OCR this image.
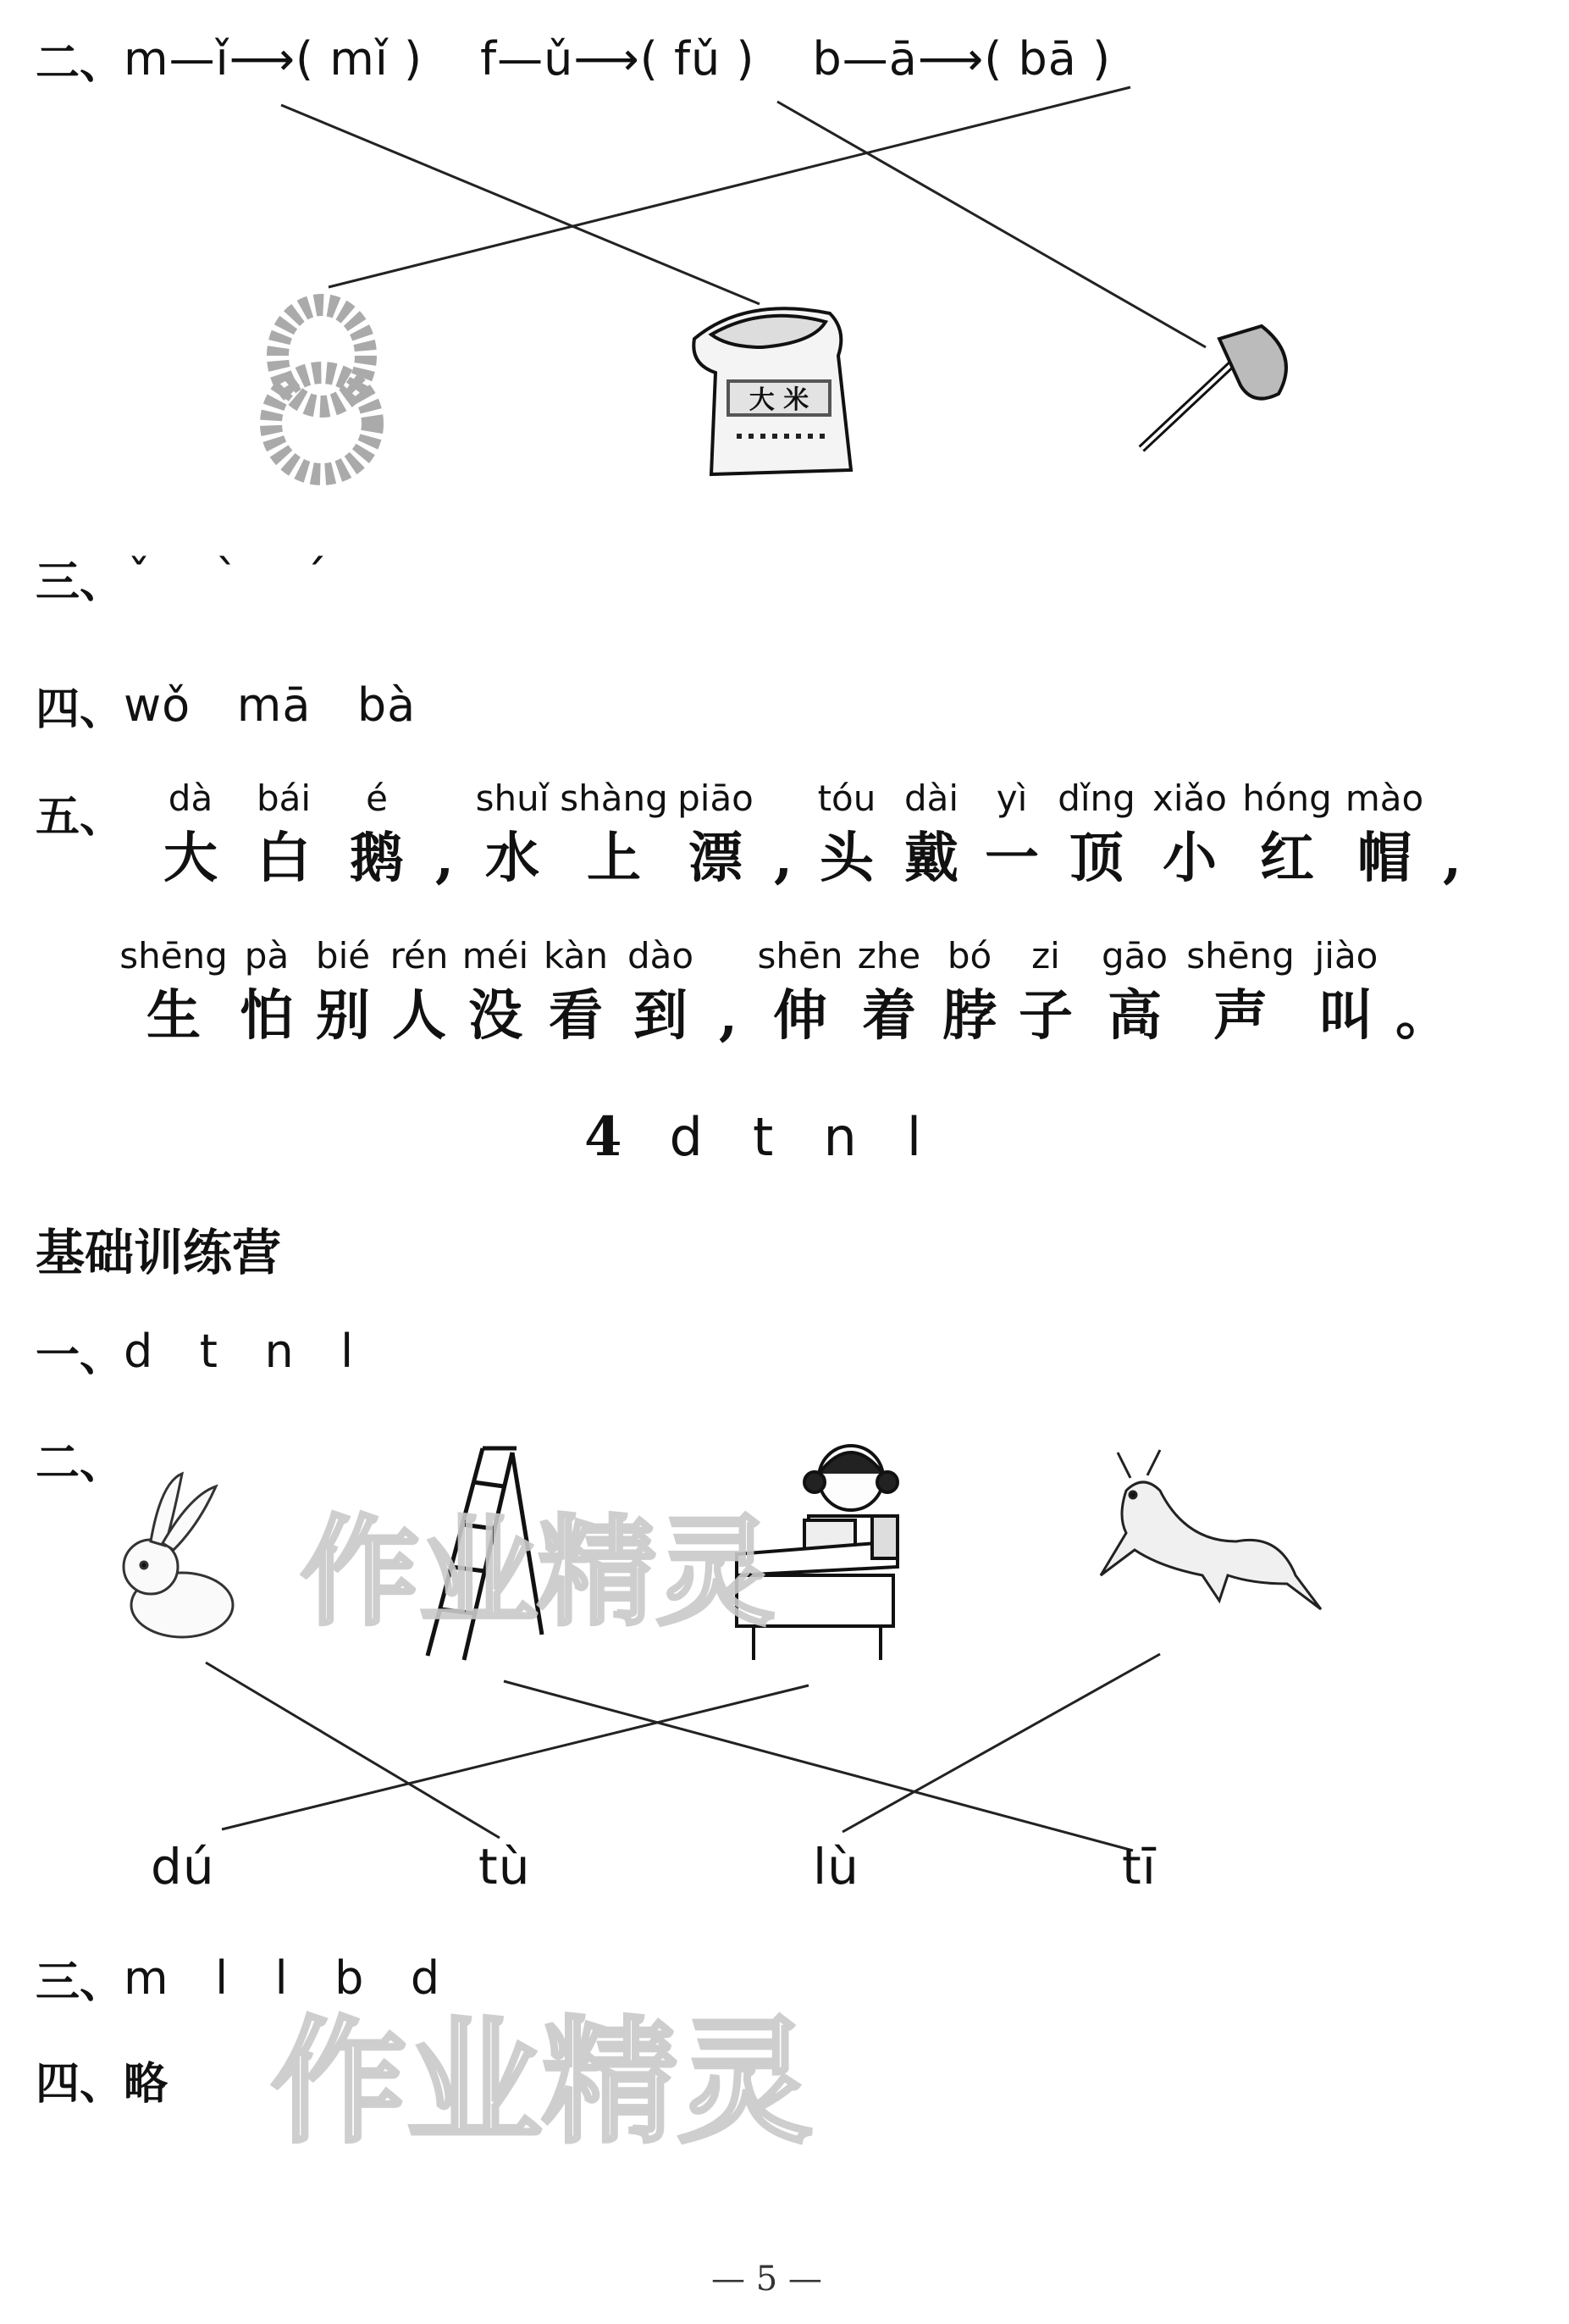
二、 m—ǐ⟶( mǐ ) f—ǔ⟶( fǔ ) b—ā⟶( bā )
大 米
三、 ˇ    ˋ    ˊ
四、 wǒ   mā   bà
五、 dà
大
bái
白
é
鹅 ,
shuǐ
水
shàng
上
piāo
漂 ,
tóu
头
dài
戴
yì
一
dǐng
顶
xiǎo
小
hóng
红
mào
帽 ,
shēng
生
pà
怕
bié
别
rén
人
méi
没
kàn
看
dào
到 ,
shēn
伸
zhe
着
bó
脖
zi
子
gāo
高
shēng
声
jiào
叫 。
4 d   t   n   l
基础训练营
一、 d   t   n   l
二、
作业精灵
dú	tù	lù	tī
三、 m   l   l   b   d
作业精灵
四、 略
— 5 —
